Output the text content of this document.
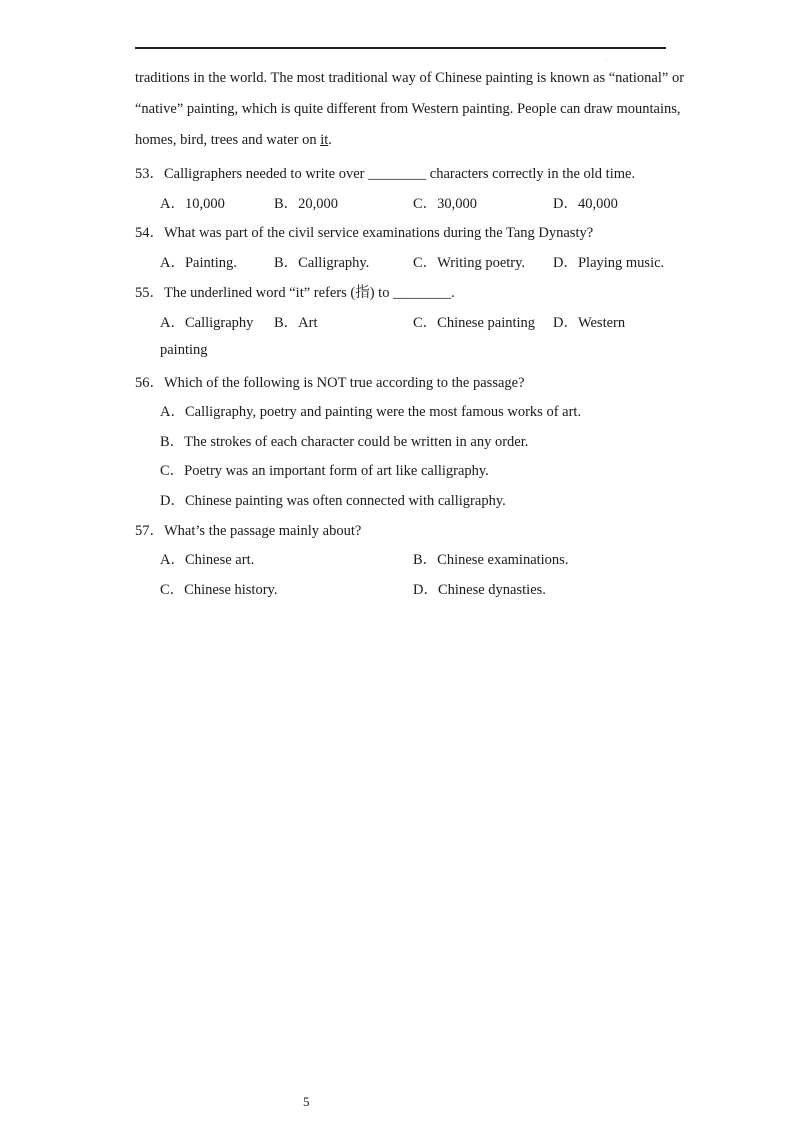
.
traditions in the world. The most traditional way of Chinese painting is known as “national” or
“native” painting, which is quite different from Western painting. People can draw mountains,
homes, bird, trees and water on it.
53．Calligraphers needed to write over ________ characters correctly in the old time.
A．10,000	B．20,000	C．30,000	D．40,000
54．What was part of the civil service examinations during the Tang Dynasty?
A．Painting.	B．Calligraphy.	C．Writing poetry. D．Playing music.
55．The underlined word “it” refers (指) to ________.
A．Calligraphy B．Art	C．Chinese painting D．Western
painting
56．Which of the following is NOT true according to the passage?
A．Calligraphy, poetry and painting were the most famous works of art.
B．The strokes of each character could be written in any order.
C．Poetry was an important form of art like calligraphy.
D．Chinese painting was often connected with calligraphy.
57．What’s the passage mainly about?
A．Chinese art.	B．Chinese examinations.
C．Chinese history.	D．Chinese dynasties.
5
